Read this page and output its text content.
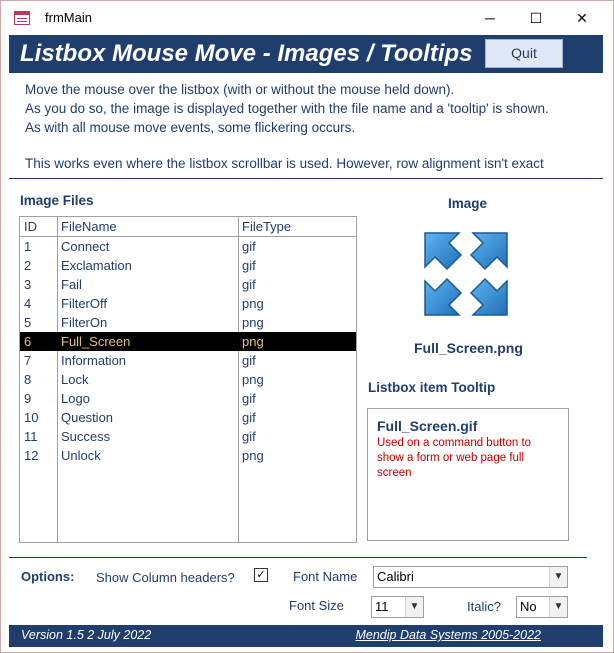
frmMain	─	☐	✕
Listbox Mouse Move - Images / Tooltips	Quit
Move the mouse over the listbox (with or without the mouse held down).
As you do so, the image is displayed together with the file name and a 'tooltip' is shown.
As with all mouse move events, some flickering occurs.
This works even where the listbox scrollbar is used. However, row alignment isn't exact
Image Files
ID FileName	FileType
1 Connect	gif
2 Exclamation	gif
3 Fail	gif
4 FilterOff	png
5 FilterOn	png
6 Full_Screen	png
7 Information	gif
8 Lock	png
9 Logo	gif
10 Question	gif
11 Success	gif
12 Unlock	png
Image
Full_Screen.png
Listbox item Tooltip
Full_Screen.gif
Used on a command button to show a form or web page full screen
Options: Show Column headers? ✓ Font Name Calibri	▼
Font Size 11	▼	Italic? No	▼
Version 1.5 2 July 2022	Mendip Data Systems 2005-2022
